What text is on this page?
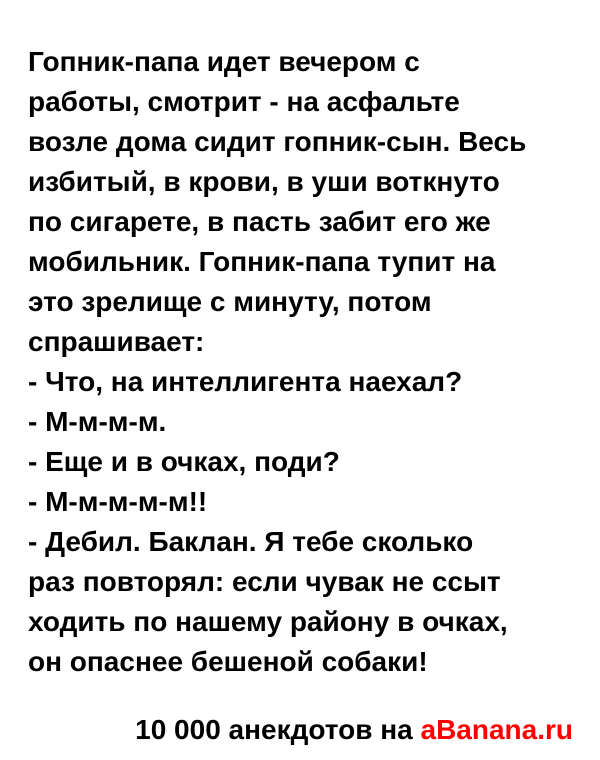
Гопник-папа идет вечером с
работы, смотрит - на асфальте
возле дома сидит гопник-сын. Весь
избитый, в крови, в уши воткнуто
по сигарете, в пасть забит его же
мобильник. Гопник-папа тупит на
это зрелище с минуту, потом
спрашивает:
- Что, на интеллигента наехал?
- М-м-м-м.
- Еще и в очках, поди?
- М-м-м-м-м!!
- Дебил. Баклан. Я тебе сколько
раз повторял: если чувак не ссыт
ходить по нашему району в очках,
он опаснее бешеной собаки!
10 000 анекдотов на aBanana.ru
